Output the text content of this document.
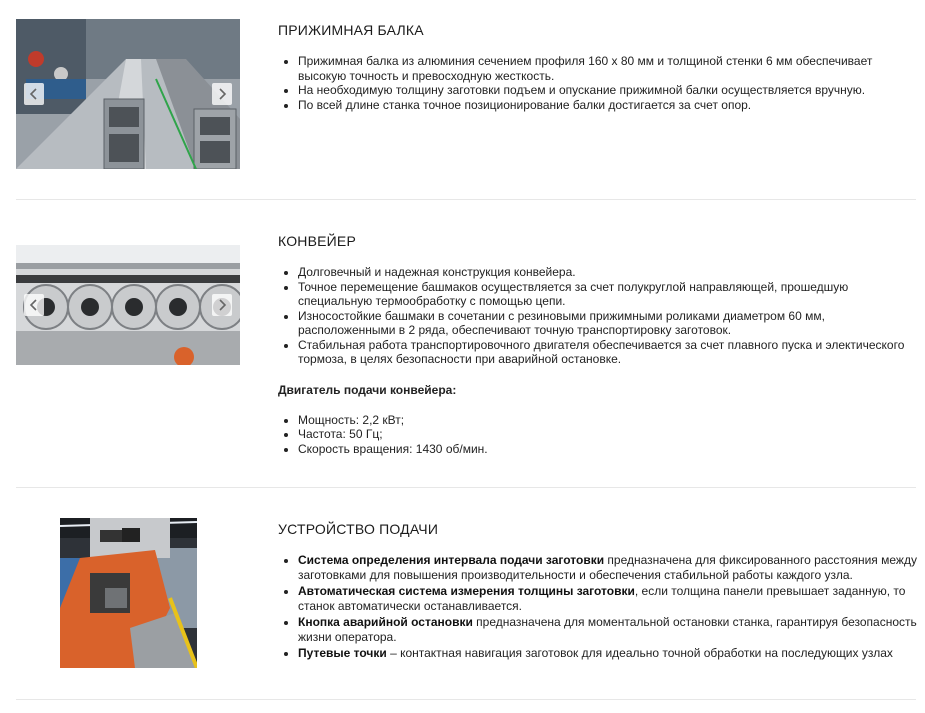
ПРИЖИМНАЯ БАЛКА
• Прижимная балка из алюминия сечением профиля 160 х 80 мм и толщиной стенки 6 мм обеспечивает высокую точность и превосходную жесткость.
• На необходимую толщину заготовки подъем и опускание прижимной балки осуществляется вручную.
• По всей длине станка точное позиционирование балки достигается за счет опор.
КОНВЕЙЕР
• Долговечный и надежная конструкция конвейера.
• Точное перемещение башмаков осуществляется за счет полукруглой направляющей, прошедшую специальную термообработку с помощью цепи.
• Износостойкие башмаки в сочетании с резиновыми прижимными роликами диаметром 60 мм, расположенными в 2 ряда, обеспечивают точную транспортировку заготовок.
• Стабильная работа транспортировочного двигателя обеспечивается за счет плавного пуска и электического тормоза, в целях безопасности при аварийной остановке.
Двигатель подачи конвейера:
• Мощность: 2,2 кВт;
• Частота: 50 Гц;
• Скорость вращения: 1430 об/мин.
УСТРОЙСТВО ПОДАЧИ
• Система определения интервала подачи заготовки предназначена для фиксированного расстояния между заготовками для повышения производительности и обеспечения стабильной работы каждого узла.
• Автоматическая система измерения толщины заготовки, если толщина панели превышает заданную, то станок автоматически останавливается.
• Кнопка аварийной остановки предназначена для моментальной остановки станка, гарантируя безопасность жизни оператора.
• Путевые точки – контактная навигация заготовок для идеально точной обработки на последующих узлах
